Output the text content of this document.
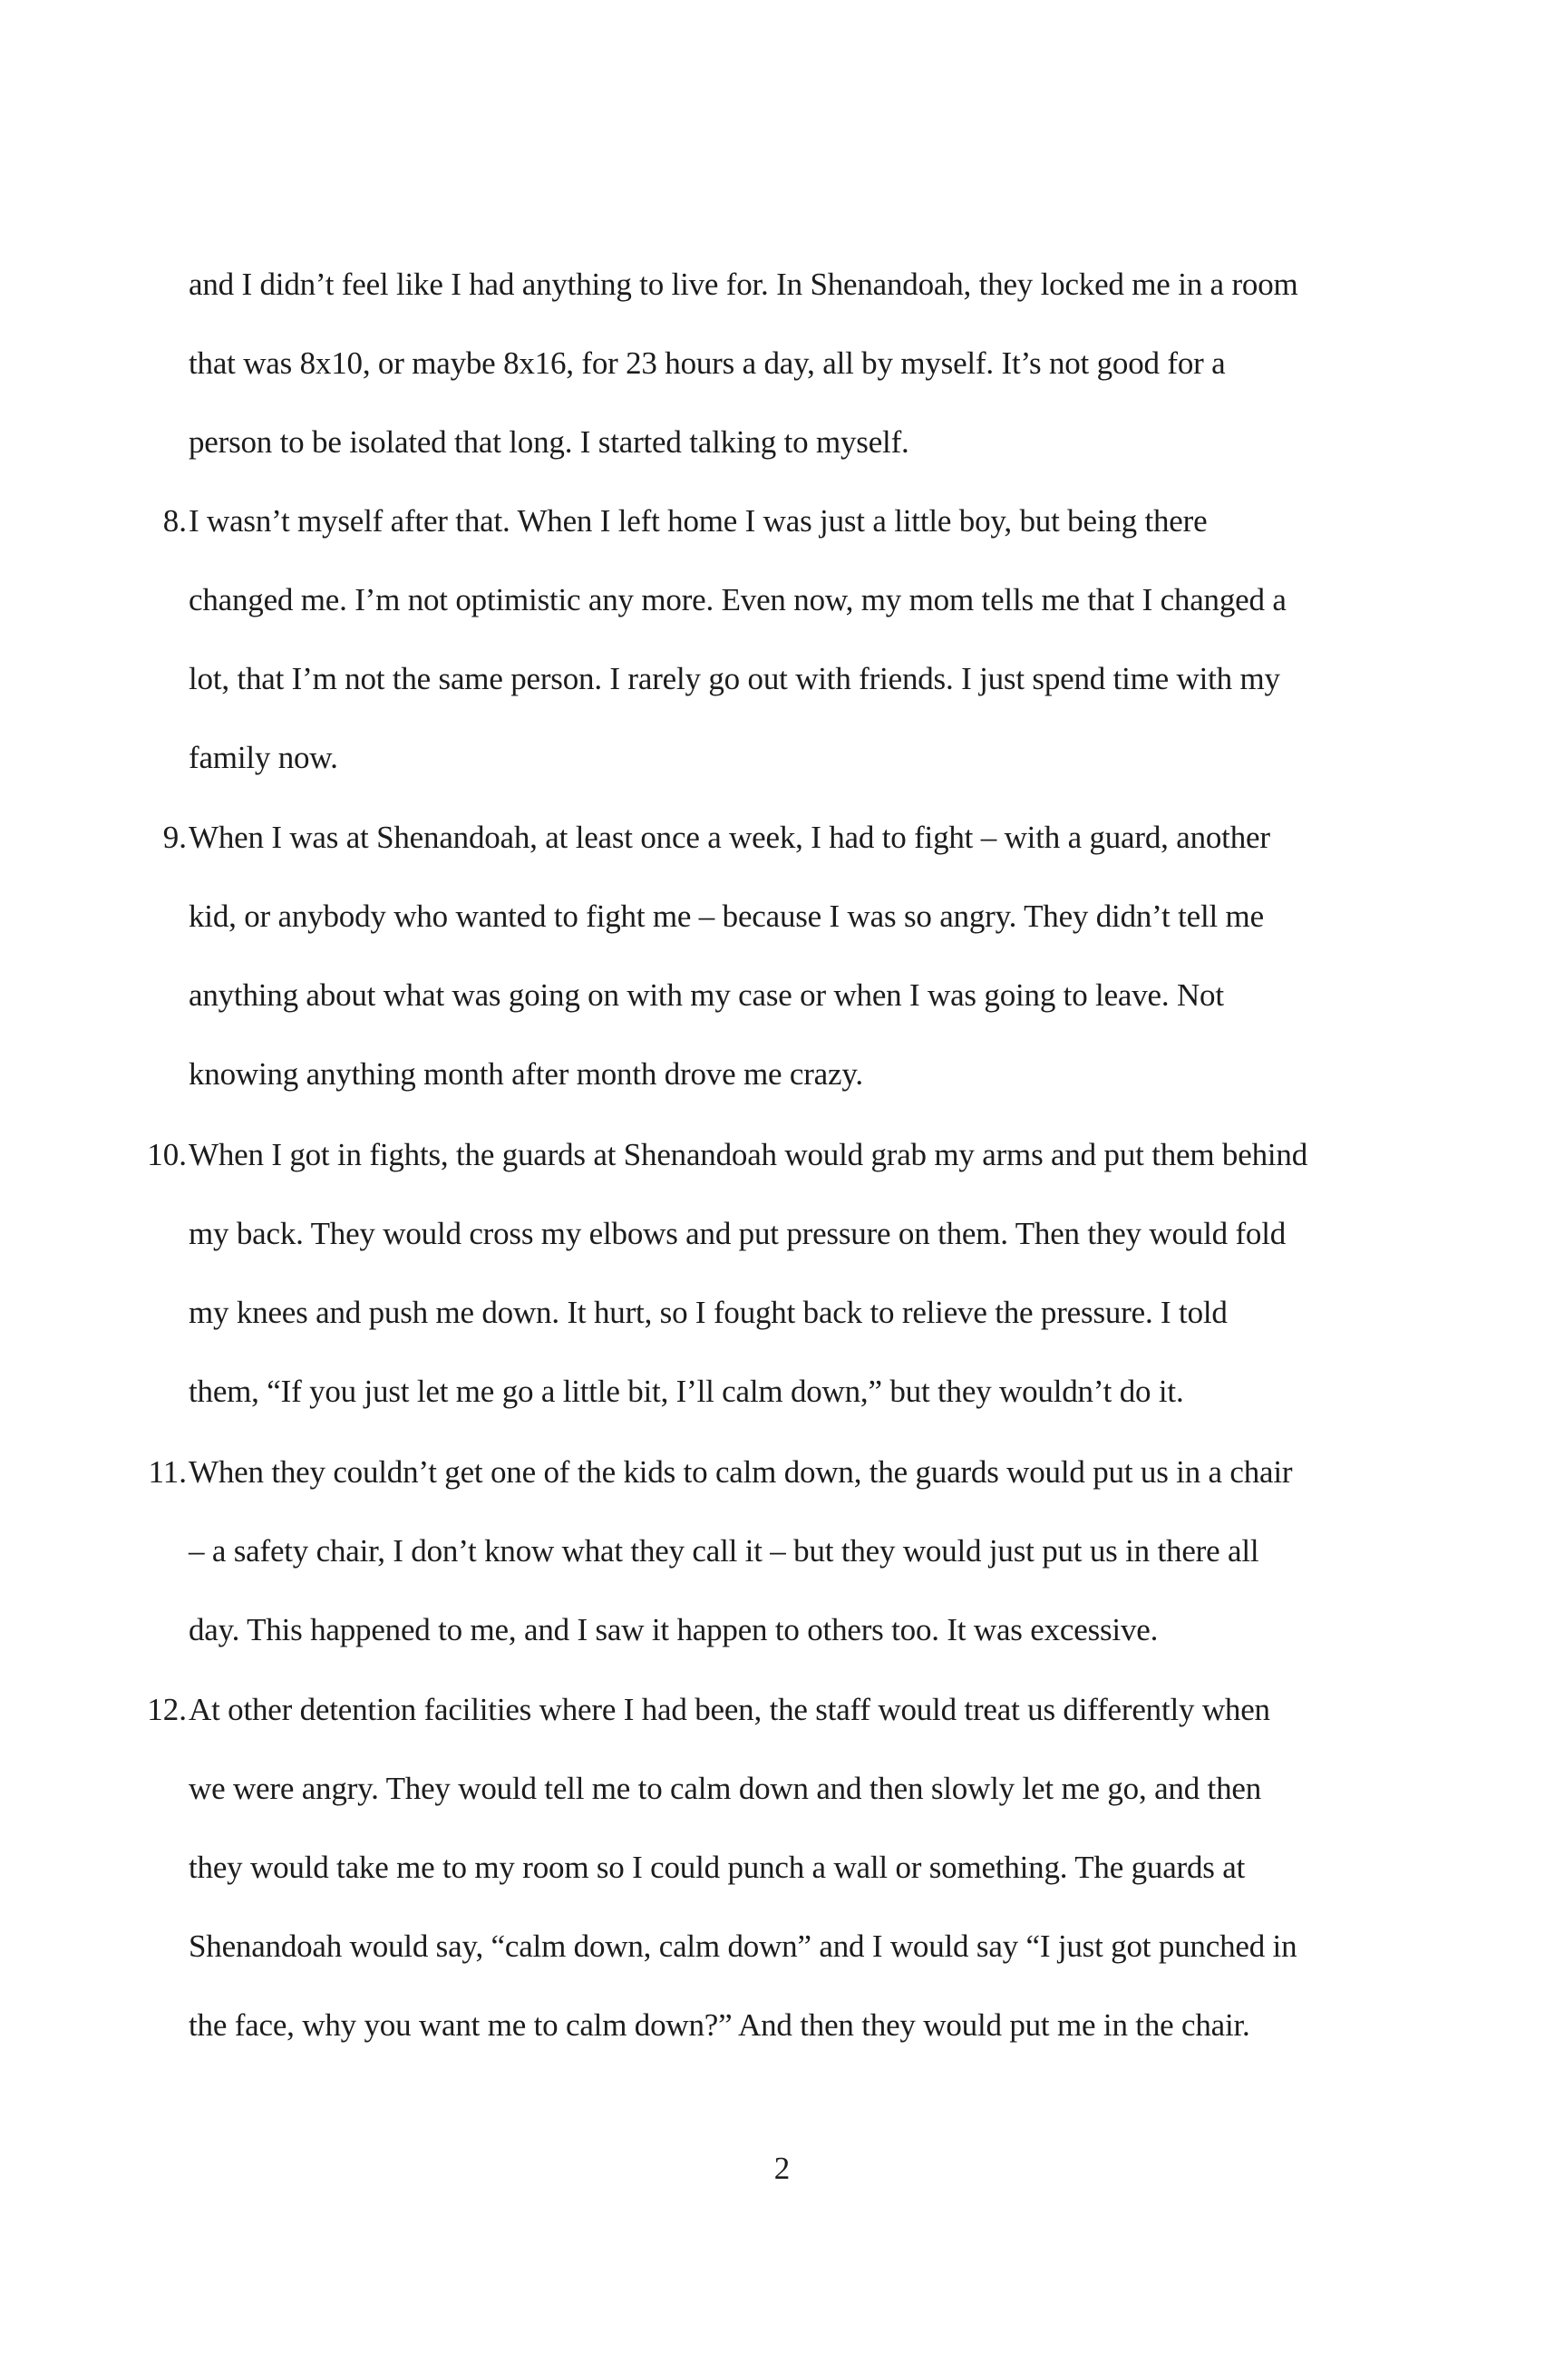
and I didn’t feel like I had anything to live for. In Shenandoah, they locked me in a room
that was 8x10, or maybe 8x16, for 23 hours a day, all by myself. It’s not good for a
person to be isolated that long. I started talking to myself.
8. I wasn’t myself after that. When I left home I was just a little boy, but being there
changed me. I’m not optimistic any more. Even now, my mom tells me that I changed a
lot, that I’m not the same person. I rarely go out with friends. I just spend time with my
family now.
9. When I was at Shenandoah, at least once a week, I had to fight – with a guard, another
kid, or anybody who wanted to fight me – because I was so angry. They didn’t tell me
anything about what was going on with my case or when I was going to leave. Not
knowing anything month after month drove me crazy.
10. When I got in fights, the guards at Shenandoah would grab my arms and put them behind
my back. They would cross my elbows and put pressure on them. Then they would fold
my knees and push me down. It hurt, so I fought back to relieve the pressure. I told
them, “If you just let me go a little bit, I’ll calm down,” but they wouldn’t do it.
11. When they couldn’t get one of the kids to calm down, the guards would put us in a chair
– a safety chair, I don’t know what they call it – but they would just put us in there all
day. This happened to me, and I saw it happen to others too. It was excessive.
12. At other detention facilities where I had been, the staff would treat us differently when
we were angry. They would tell me to calm down and then slowly let me go, and then
they would take me to my room so I could punch a wall or something. The guards at
Shenandoah would say, “calm down, calm down” and I would say “I just got punched in
the face, why you want me to calm down?” And then they would put me in the chair.
2
